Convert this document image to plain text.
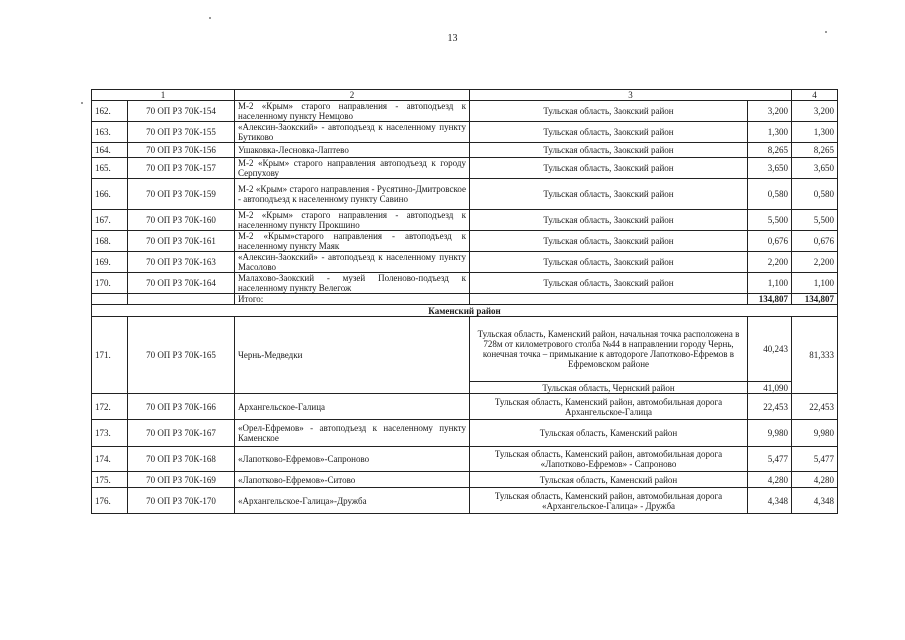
13
1		2	3		4
162.	70 ОП РЗ 70К-154	М-2 «Крым» старого направления - автоподъезд к населенному пункту Немцово	Тульская область, Заокский район	3,200	3,200
163.	70 ОП РЗ 70К-155	«Алексин-Заокский» - автоподъезд к населенному пункту Бутиково	Тульская область, Заокский район	1,300	1,300
164.	70 ОП РЗ 70К-156	Ушаковка-Лесновка-Лаптево	Тульская область, Заокский район	8,265	8,265
165.	70 ОП РЗ 70К-157	М-2 «Крым» старого направления автоподъезд к городу Серпухову	Тульская область, Заокский район	3,650	3,650
166.	70 ОП РЗ 70К-159	М-2 «Крым» старого направления - Русятино-Дмитровское - автоподъезд к населенному пункту Савино	Тульская область, Заокский район	0,580	0,580
167.	70 ОП РЗ 70К-160	М-2 «Крым» старого направления - автоподъезд к населенному пункту Прокшино	Тульская область, Заокский район	5,500	5,500
168.	70 ОП РЗ 70К-161	М-2 «Крым»старого направления - автоподъезд к населенному пункту Маяк	Тульская область, Заокский район	0,676	0,676
169.	70 ОП РЗ 70К-163	«Алексин-Заокский» - автоподъезд к населенному пункту Масолово	Тульская область, Заокский район	2,200	2,200
170.	70 ОП РЗ 70К-164	Малахово-Заокский - музей Поленово-подъезд к населенному пункту Велегож	Тульская область, Заокский район	1,100	1,100
		Итого:		134,807	134,807
Каменский район					
171.	70 ОП РЗ 70К-165	Чернь-Медведки	Тульская область, Каменский район, начальная точка расположена в 728м от километрового столба №44 в направлении городу Чернь, конечная точка – примыкание к автодороге Лапотково-Ефремов в Ефремовском районе	40,243	81,333
			Тульская область, Чернский район	41,090	
172.	70 ОП РЗ 70К-166	Архангельское-Галица	Тульская область, Каменский район, автомобильная дорога Архангельское-Галица	22,453	22,453
173.	70 ОП РЗ 70К-167	«Орел-Ефремов» - автоподъезд к населенному пункту Каменское	Тульская область, Каменский район	9,980	9,980
174.	70 ОП РЗ 70К-168	«Лапотково-Ефремов»-Сапроново	Тульская область, Каменский район, автомобильная дорога «Лапотково-Ефремов» - Сапроново	5,477	5,477
175.	70 ОП РЗ 70К-169	«Лапотково-Ефремов»-Ситово	Тульская область, Каменский район	4,280	4,280
176.	70 ОП РЗ 70К-170	«Архангельское-Галица»-Дружба	Тульская область, Каменский район, автомобильная дорога «Архангельское-Галица» - Дружба	4,348	4,348
